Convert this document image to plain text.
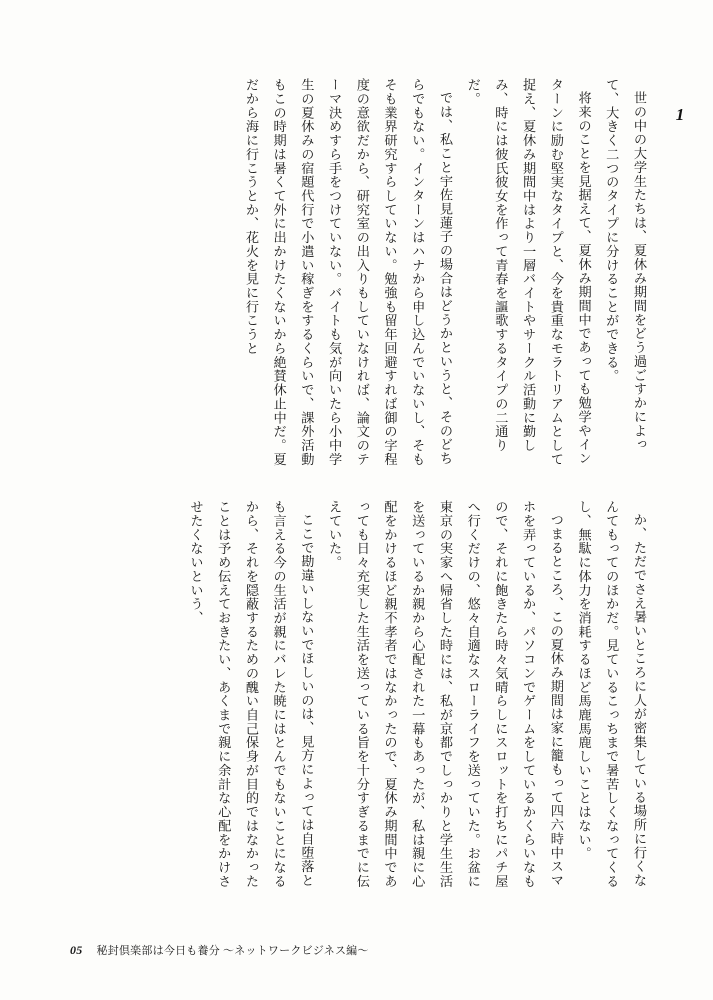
1

世の中の大学生たちは、夏休み期間をどう過ごすかによって、大きく二つのタイプに分けることができる。

将来のことを見据えて、夏休み期間中であっても勉学やインターンに励む堅実なタイプと、今を貴重なモラトリアムとして捉え、夏休み期間中はより一層バイトやサークル活動に勤しみ、時には彼氏彼女を作って青春を謳歌するタイプの二通りだ。

では、私こと宇佐見蓮子の場合はどうかというと、そのどちらでもない。インターンはハナから申し込んでいないし、そもそも業界研究すらしていない。勉強も留年回避すれば御の字程度の意欲だから、研究室の出入りもしていなければ、論文のテーマ決めすら手をつけていない。バイトも気が向いたら小中学生の夏休みの宿題代行で小遣い稼ぎをするくらいで、課外活動もこの時期は暑くて外に出かけたくないから絶賛休止中だ。夏だから海に行こうとか、花火を見に行こうと

か、ただでさえ暑いところに人が密集している場所に行くなんてもってのほかだ。見ているこっちまで暑苦しくなってくるし、無駄に体力を消耗するほど馬鹿馬鹿しいことはない。

つまるところ、この夏休み期間は家に籠もって四六時中スマホを弄っているか、パソコンでゲームをしているかくらいなもので、それに飽きたら時々気晴らしにスロットを打ちにパチ屋へ行くだけの、悠々自適なスローライフを送っていた。お盆に東京の実家へ帰省した時には、私が京都でしっかりと学生生活を送っているか親から心配された一幕もあったが、私は親に心配をかけるほど親不孝者ではなかったので、夏休み期間中であっても日々充実した生活を送っている旨を十分すぎるまでに伝えていた。

ここで勘違いしないでほしいのは、見方によっては自堕落とも言える今の生活が親にバレた暁にはとんでもないことになるから、それを隠蔽するための醜い自己保身が目的ではなかったことは予め伝えておきたい、あくまで親に余計な心配をかけさせたくないという、

05 秘封倶楽部は今日も養分 ～ネットワークビジネス編～
